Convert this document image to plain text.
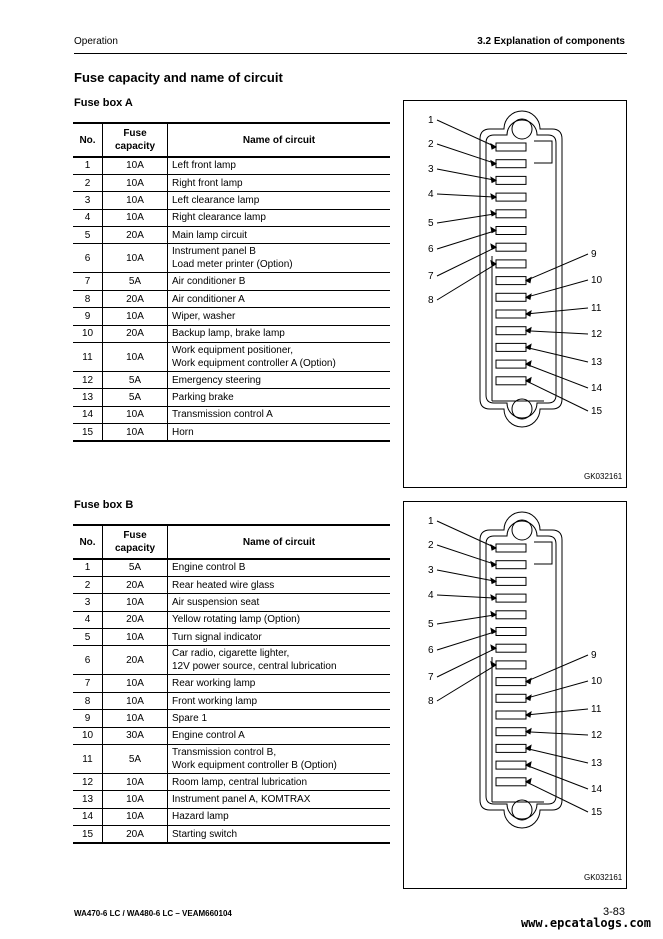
Operation	3.2 Explanation of components
Fuse capacity and name of circuit
Fuse box A
No.	Fuse capacity	Name of circuit
1	10A	Left front lamp
2	10A	Right front lamp
3	10A	Left clearance lamp
4	10A	Right clearance lamp
5	20A	Main lamp circuit
6	10A	Instrument panel B
Load meter printer (Option)
7	5A	Air conditioner B
8	20A	Air conditioner A
9	10A	Wiper, washer
10	20A	Backup lamp, brake lamp
11	10A	Work equipment positioner,
Work equipment controller A (Option)
12	5A	Emergency steering
13	5A	Parking brake
14	10A	Transmission control A
15	10A	Horn
1
2
3
4
5
6
7
8
9
10
11
12
13
14
15
GK032161
Fuse box B
No.	Fuse capacity	Name of circuit
1	5A	Engine control B
2	20A	Rear heated wire glass
3	10A	Air suspension seat
4	20A	Yellow rotating lamp (Option)
5	10A	Turn signal indicator
6	20A	Car radio, cigarette lighter,
12V power source, central lubrication
7	10A	Rear working lamp
8	10A	Front working lamp
9	10A	Spare 1
10	30A	Engine control A
11	5A	Transmission control B,
Work equipment controller B (Option)
12	10A	Room lamp, central lubrication
13	10A	Instrument panel A, KOMTRAX
14	10A	Hazard lamp
15	20A	Starting switch
1
2
3
4
5
6
7
8
9
10
11
12
13
14
15
GK032161
WA470-6 LC / WA480-6 LC – VEAM660104	3-83
www.epcatalogs.com
